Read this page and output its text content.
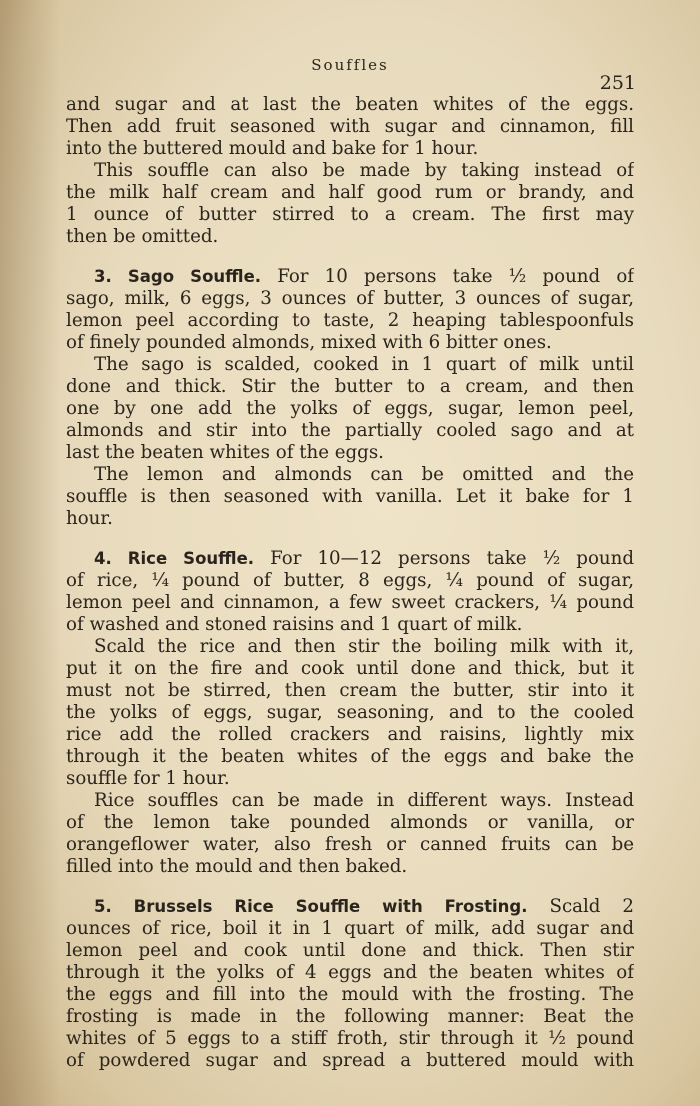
Souffles
251
and sugar and at last the beaten whites of the eggs.
Then add fruit seasoned with sugar and cinnamon, fill
into the buttered mould and bake for 1 hour.
This souffle can also be made by taking instead of
the milk half cream and half good rum or brandy, and
1 ounce of butter stirred to a cream. The first may
then be omitted.
3. Sago Souffle. For 10 persons take ½ pound of
sago, milk, 6 eggs, 3 ounces of butter, 3 ounces of sugar,
lemon peel according to taste, 2 heaping tablespoonfuls
of finely pounded almonds, mixed with 6 bitter ones.
The sago is scalded, cooked in 1 quart of milk until
done and thick. Stir the butter to a cream, and then
one by one add the yolks of eggs, sugar, lemon peel,
almonds and stir into the partially cooled sago and at
last the beaten whites of the eggs.
The lemon and almonds can be omitted and the
souffle is then seasoned with vanilla. Let it bake for 1
hour.
4. Rice Souffle. For 10—12 persons take ½ pound
of rice, ¼ pound of butter, 8 eggs, ¼ pound of sugar,
lemon peel and cinnamon, a few sweet crackers, ¼ pound
of washed and stoned raisins and 1 quart of milk.
Scald the rice and then stir the boiling milk with it,
put it on the fire and cook until done and thick, but it
must not be stirred, then cream the butter, stir into it
the yolks of eggs, sugar, seasoning, and to the cooled
rice add the rolled crackers and raisins, lightly mix
through it the beaten whites of the eggs and bake the
souffle for 1 hour.
Rice souffles can be made in different ways. Instead
of the lemon take pounded almonds or vanilla, or
orangeflower water, also fresh or canned fruits can be
filled into the mould and then baked.
5. Brussels Rice Souffle with Frosting. Scald 2
ounces of rice, boil it in 1 quart of milk, add sugar and
lemon peel and cook until done and thick. Then stir
through it the yolks of 4 eggs and the beaten whites of
the eggs and fill into the mould with the frosting. The
frosting is made in the following manner: Beat the
whites of 5 eggs to a stiff froth, stir through it ½ pound
of powdered sugar and spread a buttered mould with
